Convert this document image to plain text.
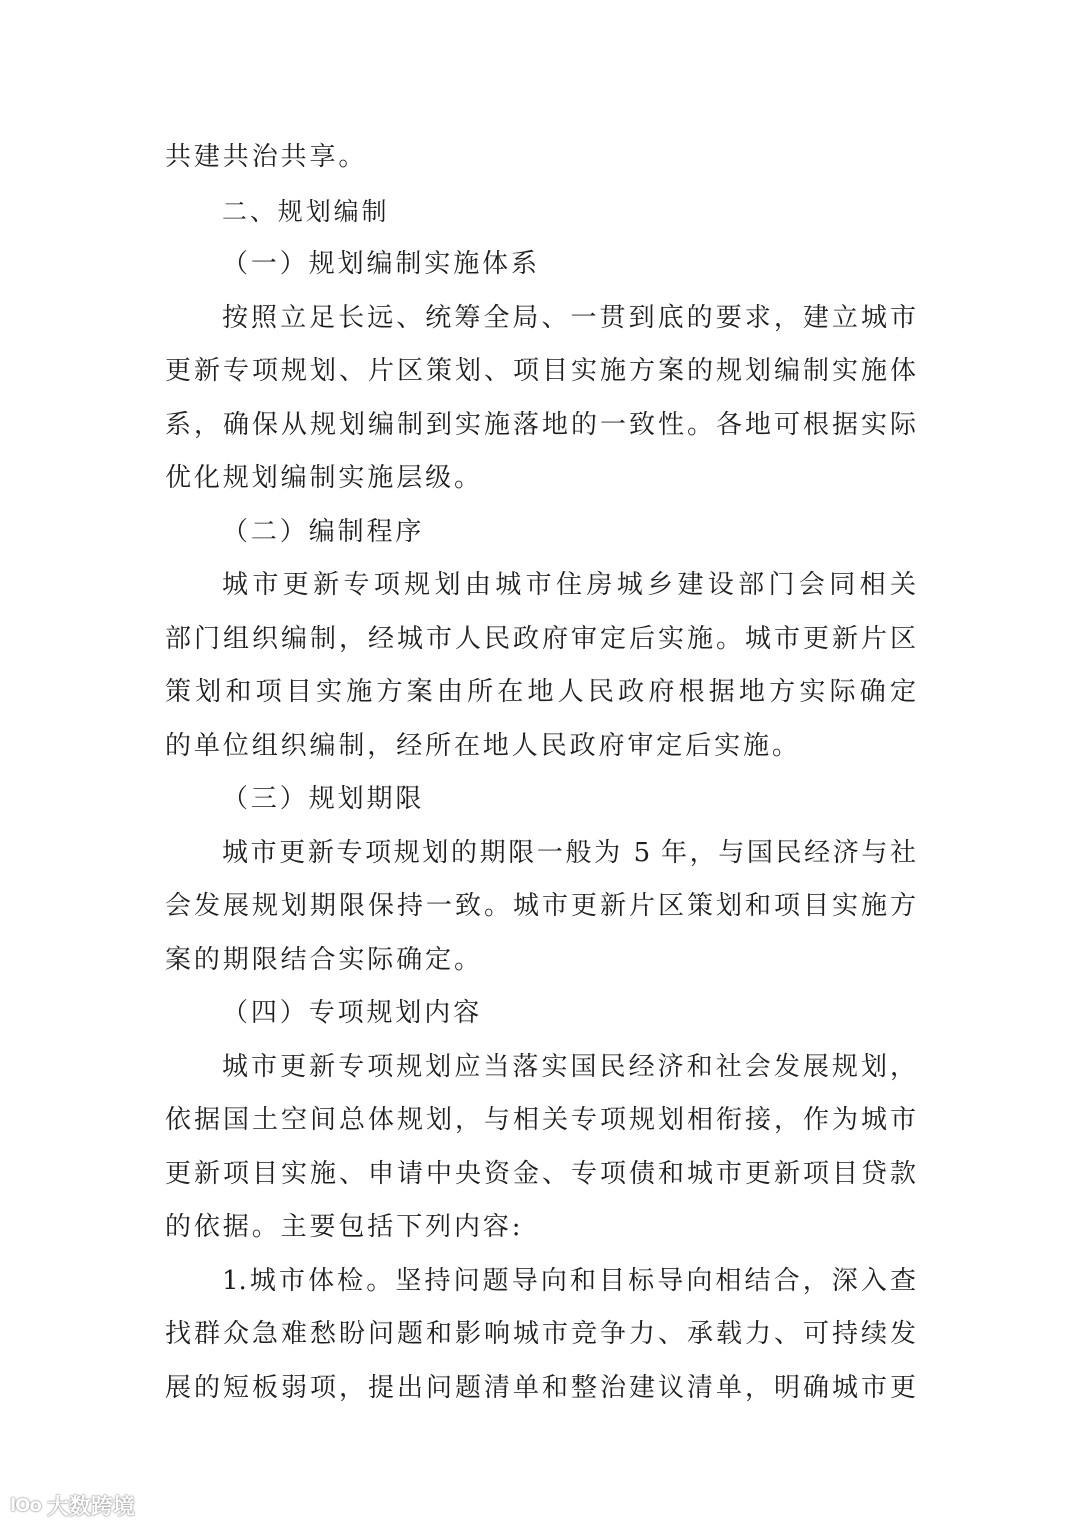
共建共治共享。
二、规划编制
（一）规划编制实施体系
按照立足长远、统筹全局、一贯到底的要求，建立城市
更新专项规划、片区策划、项目实施方案的规划编制实施体
系，确保从规划编制到实施落地的一致性。各地可根据实际
优化规划编制实施层级。
（二）编制程序
城市更新专项规划由城市住房城乡建设部门会同相关
部门组织编制，经城市人民政府审定后实施。城市更新片区
策划和项目实施方案由所在地人民政府根据地方实际确定
的单位组织编制，经所在地人民政府审定后实施。
（三）规划期限
城市更新专项规划的期限一般为 5 年，与国民经济与社
会发展规划期限保持一致。城市更新片区策划和项目实施方
案的期限结合实际确定。
（四）专项规划内容
城市更新专项规划应当落实国民经济和社会发展规划，
依据国土空间总体规划，与相关专项规划相衔接，作为城市
更新项目实施、申请中央资金、专项债和城市更新项目贷款
的依据。主要包括下列内容:
1.城市体检。坚持问题导向和目标导向相结合，深入查
找群众急难愁盼问题和影响城市竞争力、承载力、可持续发
展的短板弱项，提出问题清单和整治建议清单，明确城市更
lOo 大数跨境
